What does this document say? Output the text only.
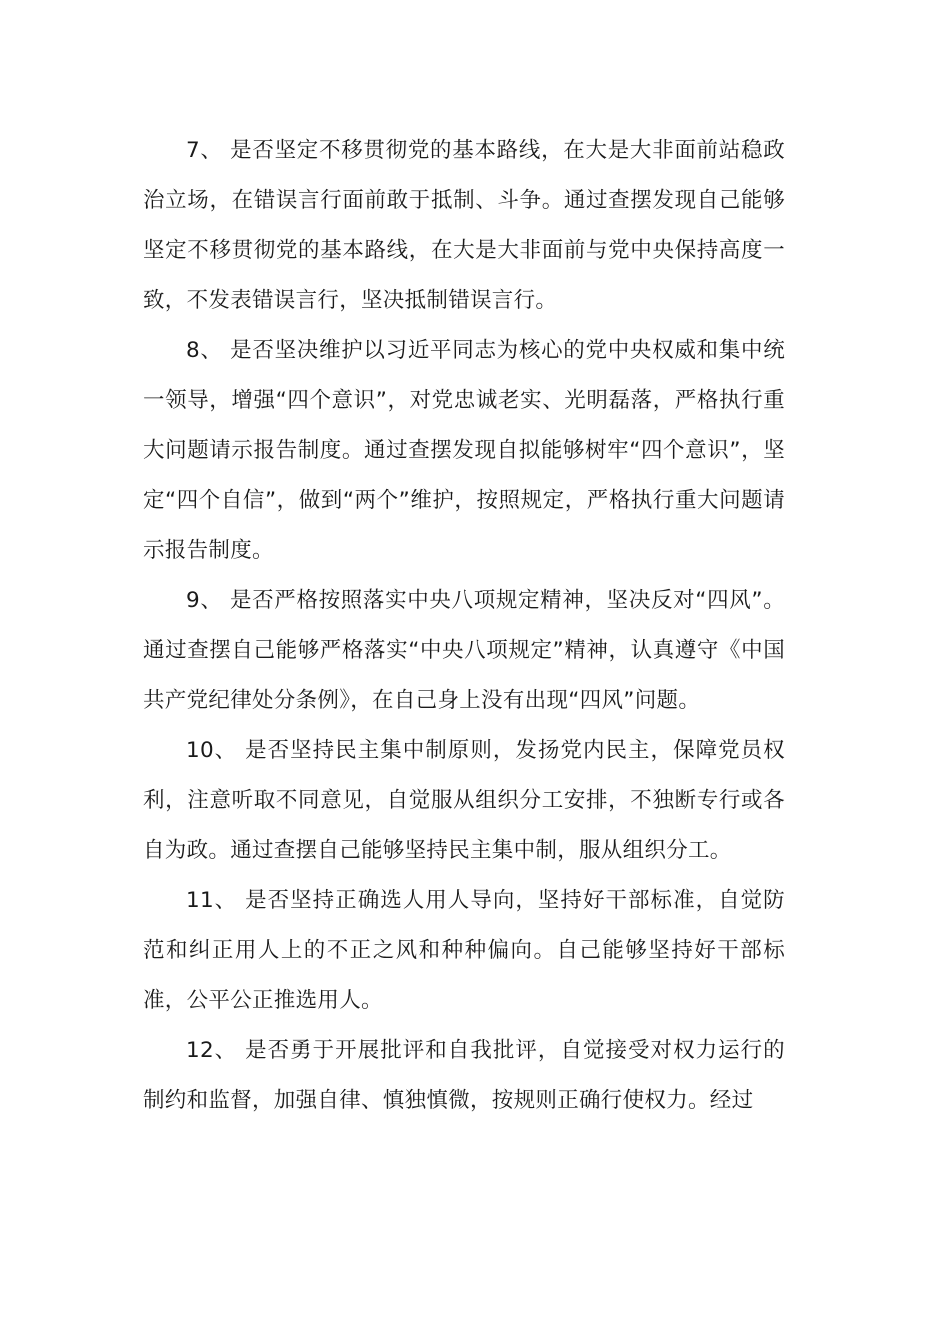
7、 是否坚定不移贯彻党的基本路线，在大是大非面前站稳政治立场，在错误言行面前敢于抵制、斗争。通过查摆发现自己能够坚定不移贯彻党的基本路线，在大是大非面前与党中央保持高度一致，不发表错误言行，坚决抵制错误言行。

8、 是否坚决维护以习近平同志为核心的党中央权威和集中统一领导，增强“四个意识”，对党忠诚老实、光明磊落，严格执行重大问题请示报告制度。通过查摆发现自拟能够树牢“四个意识”，坚定“四个自信”，做到“两个”维护，按照规定，严格执行重大问题请示报告制度。

9、 是否严格按照落实中央八项规定精神，坚决反对“四风”。通过查摆自己能够严格落实“中央八项规定”精神，认真遵守《中国共产党纪律处分条例》，在自己身上没有出现“四风”问题。

10、 是否坚持民主集中制原则，发扬党内民主，保障党员权利，注意听取不同意见，自觉服从组织分工安排，不独断专行或各自为政。通过查摆自己能够坚持民主集中制，服从组织分工。

11、 是否坚持正确选人用人导向，坚持好干部标准，自觉防范和纠正用人上的不正之风和种种偏向。自己能够坚持好干部标准，公平公正推选用人。

12、 是否勇于开展批评和自我批评，自觉接受对权力运行的制约和监督，加强自律、慎独慎微，按规则正确行使权力。经过
